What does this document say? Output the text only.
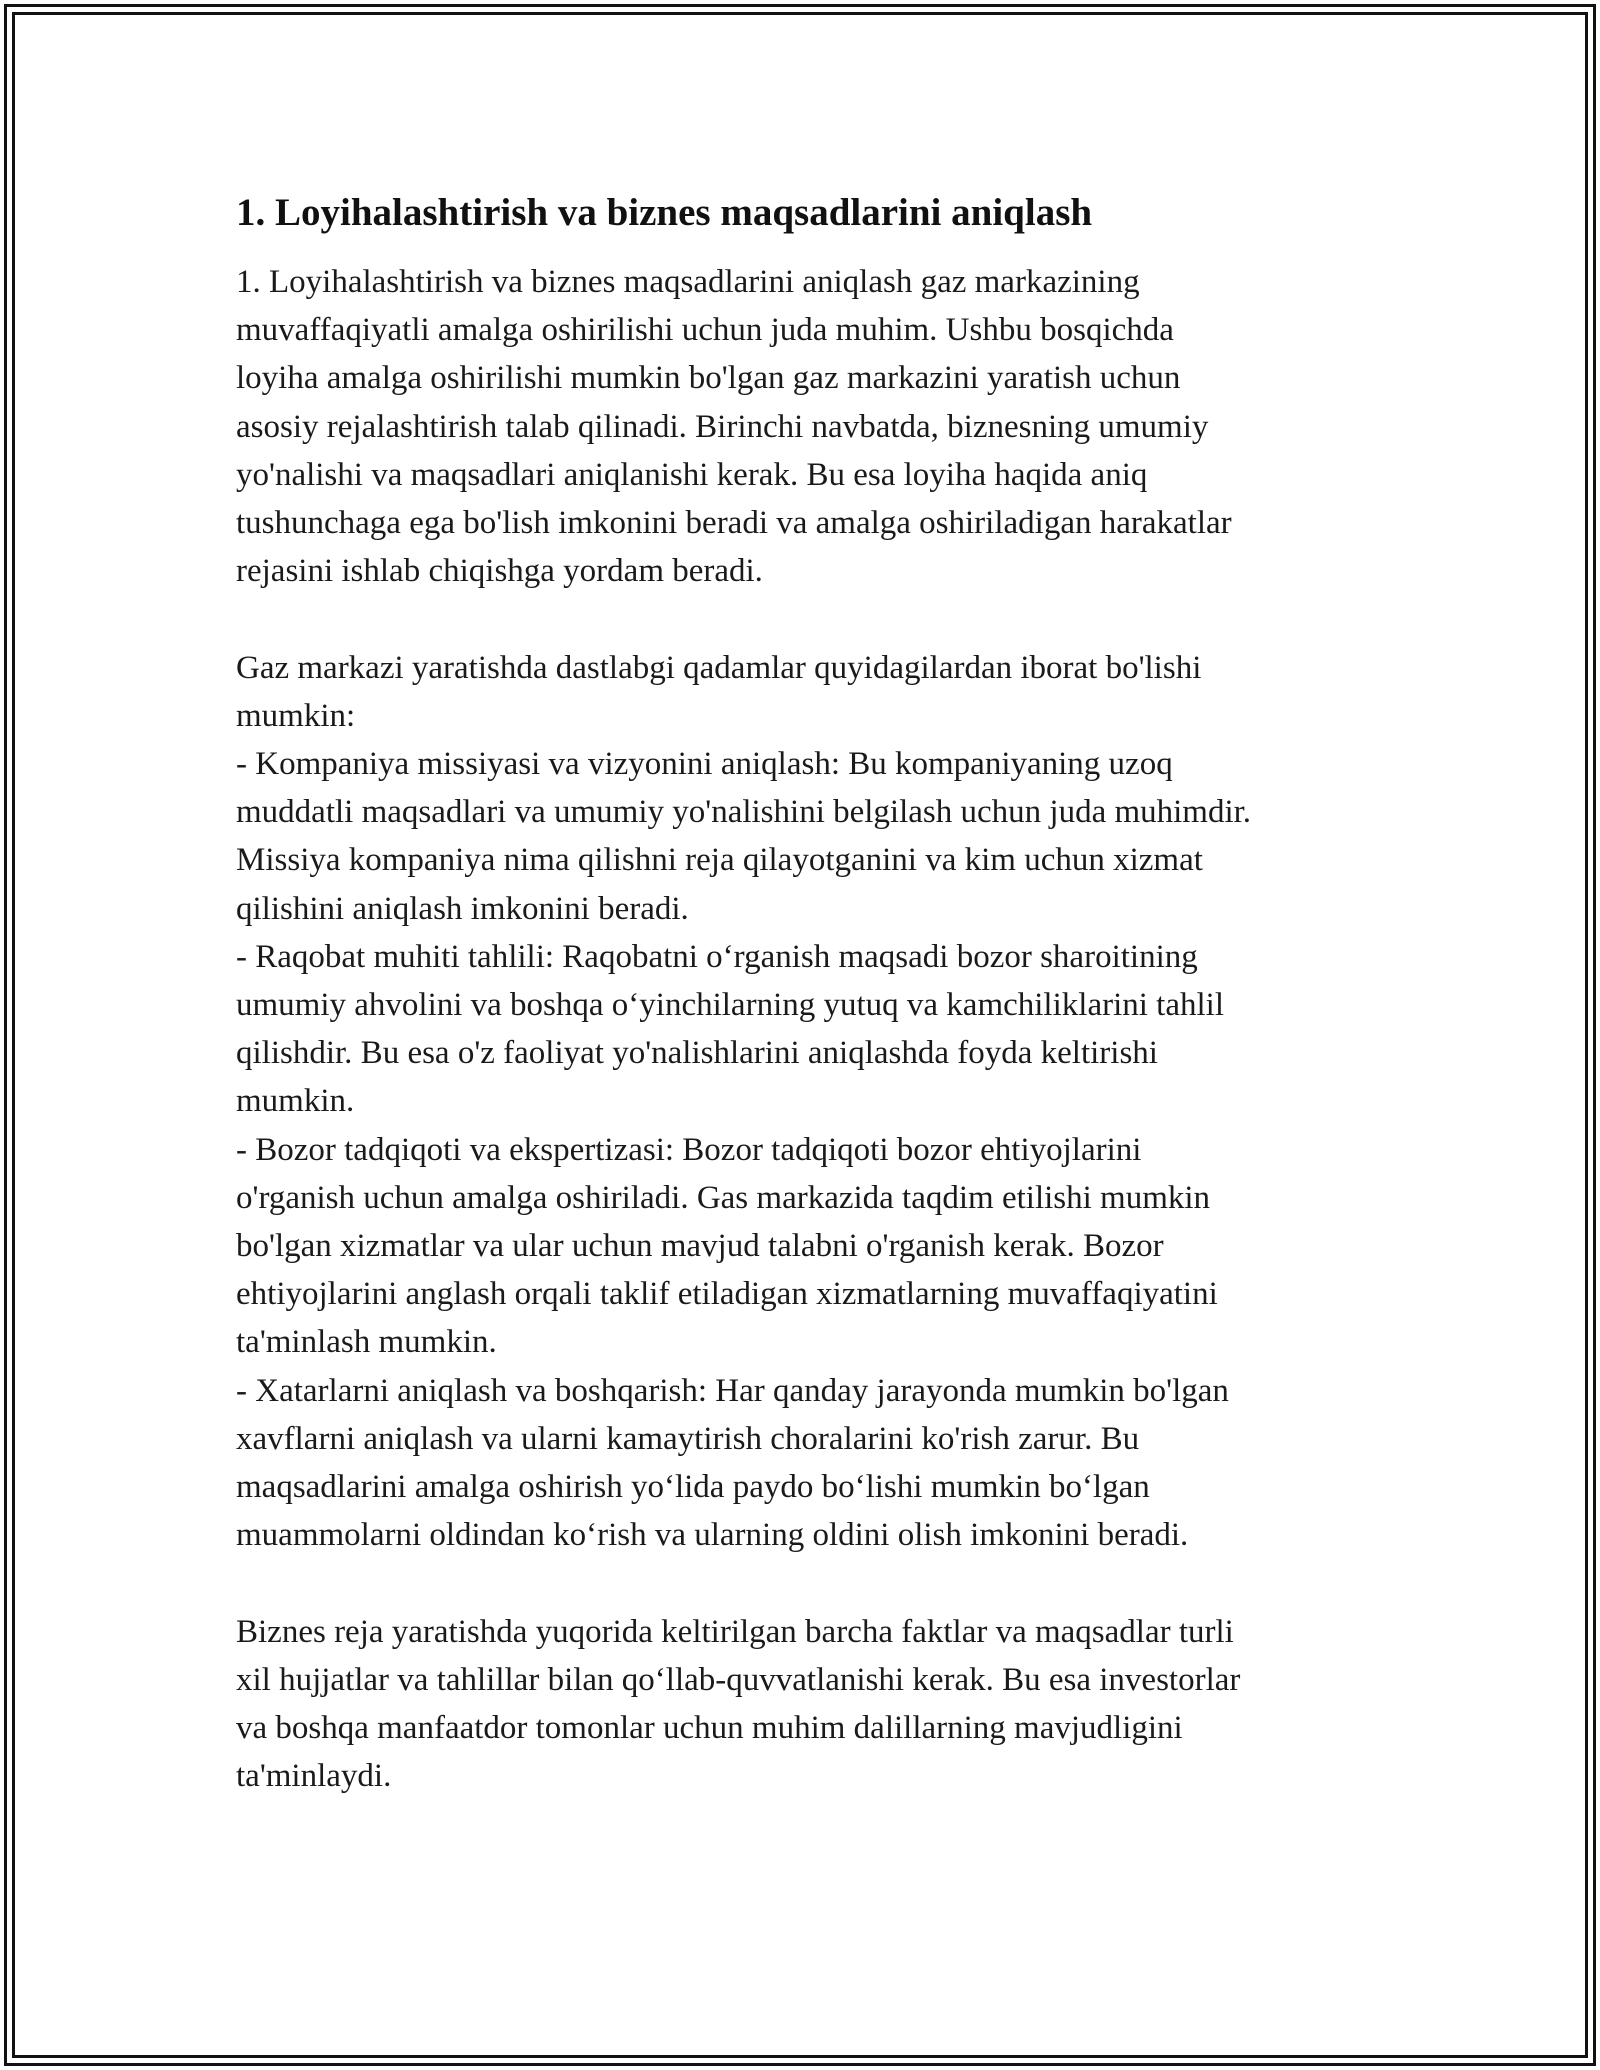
1. Loyihalashtirish va biznes maqsadlarini aniqlash
1. Loyihalashtirish va biznes maqsadlarini aniqlash gaz markazining
muvaffaqiyatli amalga oshirilishi uchun juda muhim. Ushbu bosqichda
loyiha amalga oshirilishi mumkin bo'lgan gaz markazini yaratish uchun
asosiy rejalashtirish talab qilinadi. Birinchi navbatda, biznesning umumiy
yo'nalishi va maqsadlari aniqlanishi kerak. Bu esa loyiha haqida aniq
tushunchaga ega bo'lish imkonini beradi va amalga oshiriladigan harakatlar
rejasini ishlab chiqishga yordam beradi.
Gaz markazi yaratishda dastlabgi qadamlar quyidagilardan iborat bo'lishi
mumkin:
- Kompaniya missiyasi va vizyonini aniqlash: Bu kompaniyaning uzoq
muddatli maqsadlari va umumiy yo'nalishini belgilash uchun juda muhimdir.
Missiya kompaniya nima qilishni reja qilayotganini va kim uchun xizmat
qilishini aniqlash imkonini beradi.
- Raqobat muhiti tahlili: Raqobatni oʻrganish maqsadi bozor sharoitining
umumiy ahvolini va boshqa oʻyinchilarning yutuq va kamchiliklarini tahlil
qilishdir. Bu esa o'z faoliyat yo'nalishlarini aniqlashda foyda keltirishi
mumkin.
- Bozor tadqiqoti va ekspertizasi: Bozor tadqiqoti bozor ehtiyojlarini
o'rganish uchun amalga oshiriladi. Gas markazida taqdim etilishi mumkin
bo'lgan xizmatlar va ular uchun mavjud talabni o'rganish kerak. Bozor
ehtiyojlarini anglash orqali taklif etiladigan xizmatlarning muvaffaqiyatini
ta'minlash mumkin.
- Xatarlarni aniqlash va boshqarish: Har qanday jarayonda mumkin bo'lgan
xavflarni aniqlash va ularni kamaytirish choralarini ko'rish zarur. Bu
maqsadlarini amalga oshirish yoʻlida paydo boʻlishi mumkin boʻlgan
muammolarni oldindan koʻrish va ularning oldini olish imkonini beradi.
Biznes reja yaratishda yuqorida keltirilgan barcha faktlar va maqsadlar turli
xil hujjatlar va tahlillar bilan qoʻllab-quvvatlanishi kerak. Bu esa investorlar
va boshqa manfaatdor tomonlar uchun muhim dalillarning mavjudligini
ta'minlaydi.
